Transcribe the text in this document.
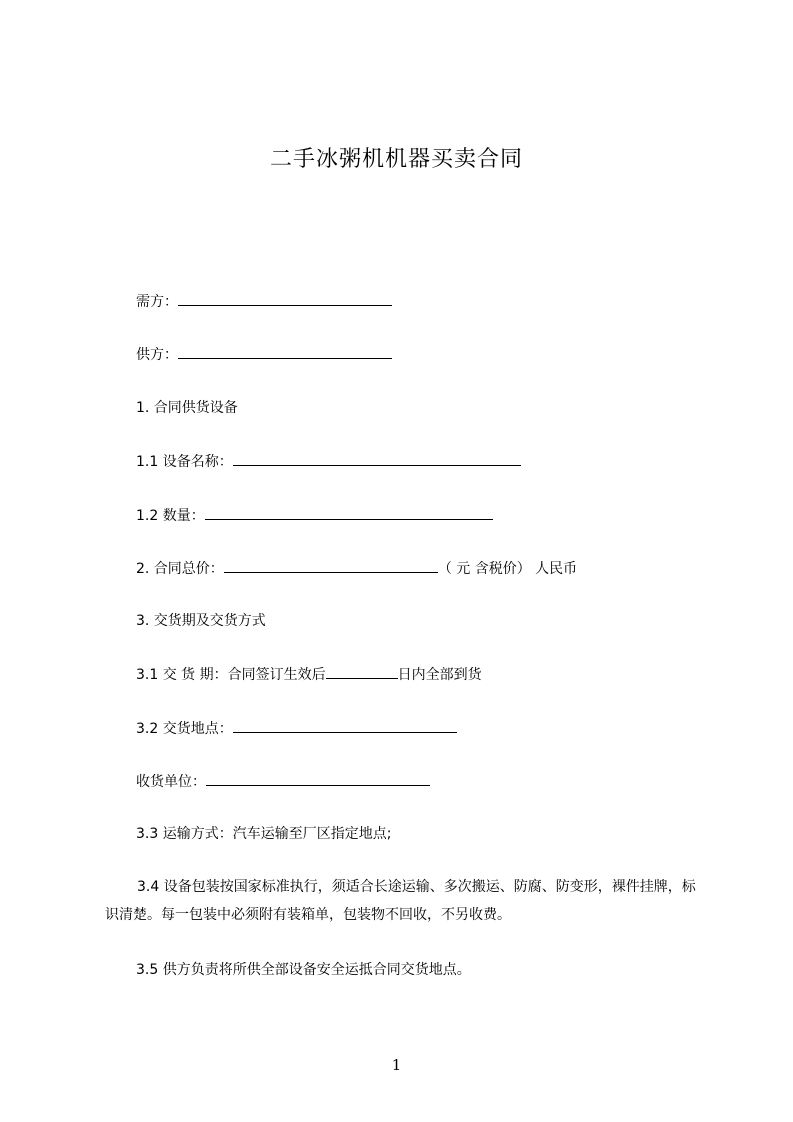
二手冰粥机机器买卖合同
需方：
供方：
1. 合同供货设备
1.1 设备名称：
1.2 数量：
2. 合同总价：	（ 元 含税价） 人民币
3. 交货期及交货方式
3.1 交 货 期：合同签订生效后	日内全部到货
3.2 交货地点：
收货单位：
3.3 运输方式：汽车运输至厂区指定地点;
3.4 设备包装按国家标准执行，须适合长途运输、多次搬运、防腐、防变形，裸件挂牌，标识清楚。每一包装中必须附有装箱单，包装物不回收，不另收费。
3.5 供方负责将所供全部设备安全运抵合同交货地点。
1
